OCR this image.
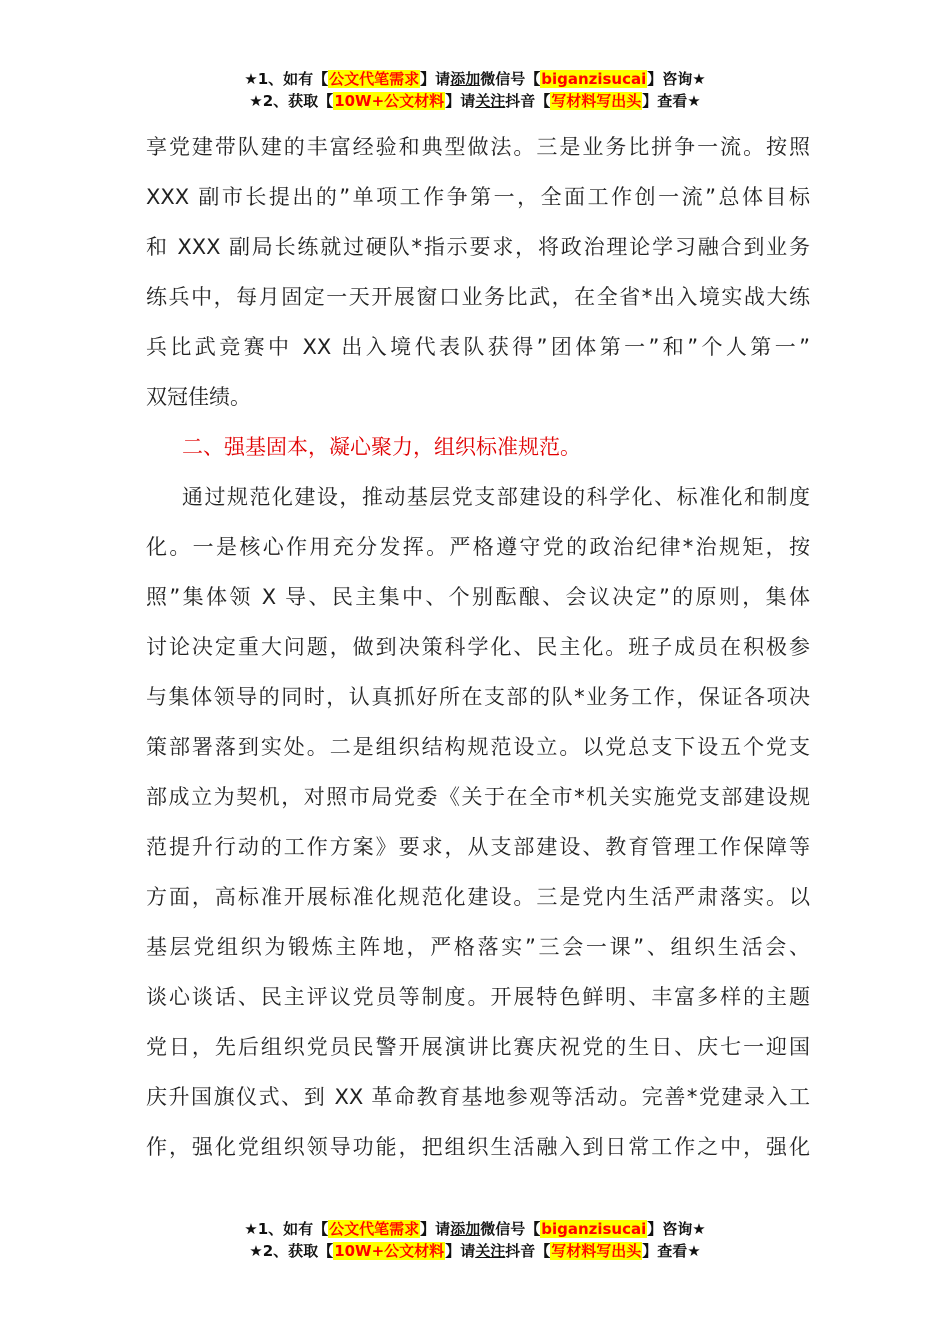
★1、如有【公文代笔需求】请添加微信号【biganzisucai】咨询★
★2、获取【10W+公文材料】请关注抖音【写材料写出头】查看★

享党建带队建的丰富经验和典型做法。三是业务比拼争一流。按照
XXX 副市长提出的”单项工作争第一，全面工作创一流”总体目标
和 XXX 副局长练就过硬队*指示要求，将政治理论学习融合到业务
练兵中，每月固定一天开展窗口业务比武，在全省*出入境实战大练
兵比武竞赛中 XX 出入境代表队获得”团体第一”和”个人第一”
双冠佳绩。

二、强基固本，凝心聚力，组织标准规范。

通过规范化建设，推动基层党支部建设的科学化、标准化和制度
化。一是核心作用充分发挥。严格遵守党的政治纪律*治规矩，按
照”集体领 X 导、民主集中、个别酝酿、会议决定”的原则，集体
讨论决定重大问题，做到决策科学化、民主化。班子成员在积极参
与集体领导的同时，认真抓好所在支部的队*业务工作，保证各项决
策部署落到实处。二是组织结构规范设立。以党总支下设五个党支
部成立为契机，对照市局党委《关于在全市*机关实施党支部建设规
范提升行动的工作方案》要求，从支部建设、教育管理工作保障等
方面，高标准开展标准化规范化建设。三是党内生活严肃落实。以
基层党组织为锻炼主阵地，严格落实”三会一课”、组织生活会、
谈心谈话、民主评议党员等制度。开展特色鲜明、丰富多样的主题
党日，先后组织党员民警开展演讲比赛庆祝党的生日、庆七一迎国
庆升国旗仪式、到 XX 革命教育基地参观等活动。完善*党建录入工
作，强化党组织领导功能，把组织生活融入到日常工作之中，强化

★1、如有【公文代笔需求】请添加微信号【biganzisucai】咨询★
★2、获取【10W+公文材料】请关注抖音【写材料写出头】查看★
